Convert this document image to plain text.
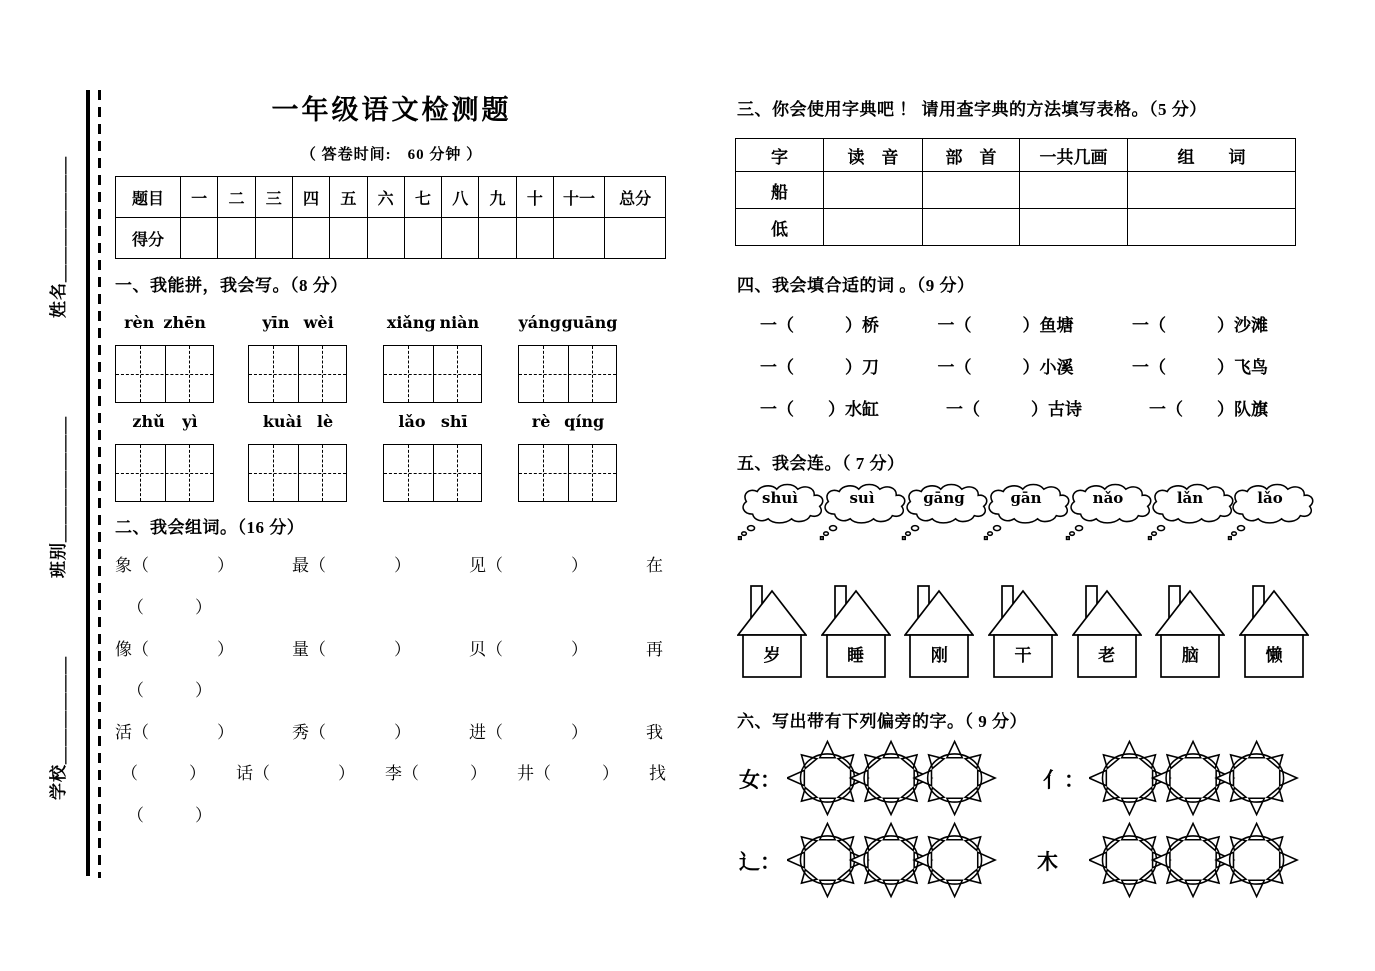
姓名＿＿＿＿＿＿＿
班别＿＿＿＿＿＿＿
学校＿＿＿＿＿＿
一年级语文检测题
（ 答卷时间:　60 分钟 ）
题目	一	二	三	四	五	六	七	八	九	十	十一	总分
得分												
一、我能拼，我会写。（8 分）
rèn zhēn	yīn wèi	xiǎng niàn yáng guāng
zhǔ yì	kuài lè	lǎo shī	rè qíng
二、我会组词。（16 分）
象（　　　　）	最（　　　　）	见（　　　　）	在
（　　　）
像（　　　　）	量（　　　　）	贝（　　　　）	再
（　　　）
活（　　　　）	秀（　　　　）	进（　　　　）	我
（　　　） 话（　　　　） 李（　　　） 井（　　　） 找
（　　　）
三、你会使用字典吧 ！ 请用查字典的方法填写表格。（5 分）
字	读　音	部　首	一共几画	组　　词
船				
低				
四、我会填合适的词 。（9 分）
一（　　　）桥	一（　　　）鱼塘	一（　　　）沙滩
一（　　　）刀	一（　　　）小溪	一（　　　）飞鸟
一（　　）水缸	一（　　　）古诗	一（　　）队旗
五、我会连。（ 7 分）
shuì	suì	ɡānɡ	ɡān	nǎo	lǎn	lǎo
岁	睡	刚	干	老	脑	懒
六、写出带有下列偏旁的字。（ 9 分）
女：	亻：
辶：	木
